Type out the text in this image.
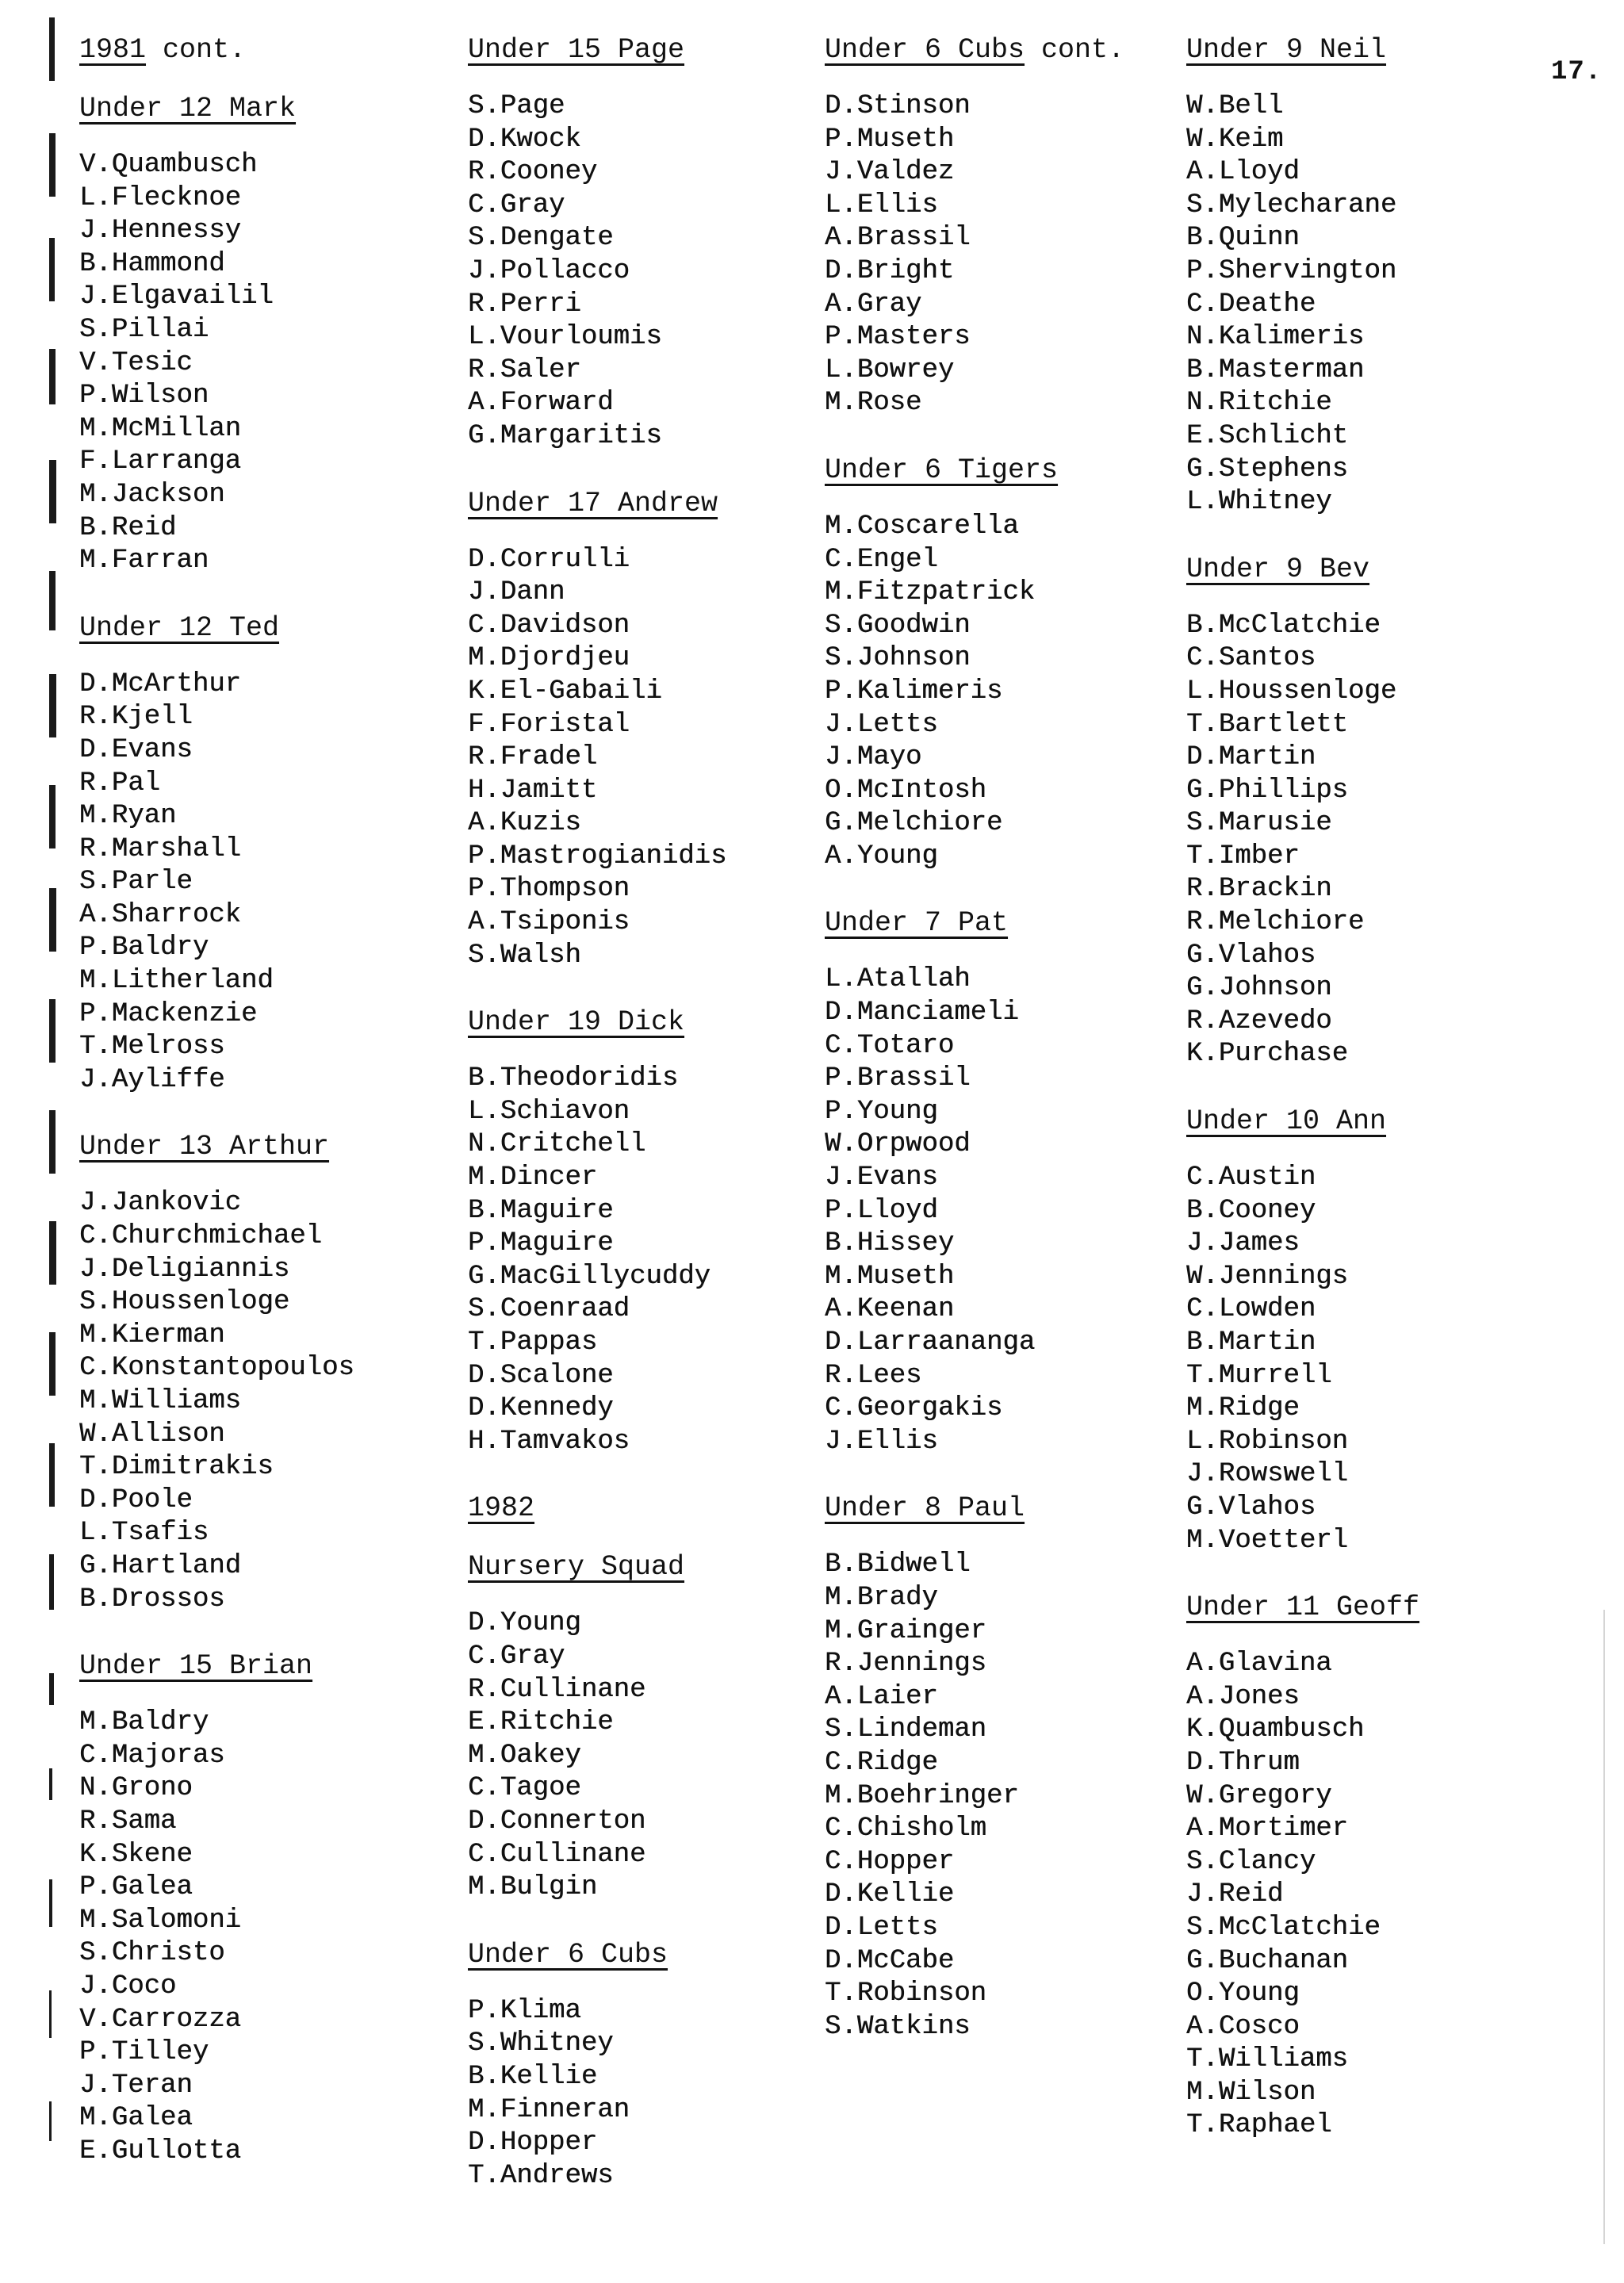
17.
1981 cont.
Under 12 Mark
V.Quambusch
L.Flecknoe
J.Hennessy
B.Hammond
J.Elgavailil
S.Pillai
V.Tesic
P.Wilson
M.McMillan
F.Larranga
M.Jackson
B.Reid
M.Farran
Under 12 Ted
D.McArthur
R.Kjell
D.Evans
R.Pal
M.Ryan
R.Marshall
S.Parle
A.Sharrock
P.Baldry
M.Litherland
P.Mackenzie
T.Melross
J.Ayliffe
Under 13 Arthur
J.Jankovic
C.Churchmichael
J.Deligiannis
S.Houssenloge
M.Kierman
C.Konstantopoulos
M.Williams
W.Allison
T.Dimitrakis
D.Poole
L.Tsafis
G.Hartland
B.Drossos
Under 15 Brian
M.Baldry
C.Majoras
N.Grono
R.Sama
K.Skene
P.Galea
M.Salomoni
S.Christo
J.Coco
V.Carrozza
P.Tilley
J.Teran
M.Galea
E.Gullotta
Under 15 Page
S.Page
D.Kwock
R.Cooney
C.Gray
S.Dengate
J.Pollacco
R.Perri
L.Vourloumis
R.Saler
A.Forward
G.Margaritis
Under 17 Andrew
D.Corrulli
J.Dann
C.Davidson
M.Djordjeu
K.El-Gabaili
F.Foristal
R.Fradel
H.Jamitt
A.Kuzis
P.Mastrogianidis
P.Thompson
A.Tsiponis
S.Walsh
Under 19 Dick
B.Theodoridis
L.Schiavon
N.Critchell
M.Dincer
B.Maguire
P.Maguire
G.MacGillycuddy
S.Coenraad
T.Pappas
D.Scalone
D.Kennedy
H.Tamvakos
1982
Nursery Squad
D.Young
C.Gray
R.Cullinane
E.Ritchie
M.Oakey
C.Tagoe
D.Connerton
C.Cullinane
M.Bulgin
Under 6 Cubs
P.Klima
S.Whitney
B.Kellie
M.Finneran
D.Hopper
T.Andrews
Under 6 Cubs cont.
D.Stinson
P.Museth
J.Valdez
L.Ellis
A.Brassil
D.Bright
A.Gray
P.Masters
L.Bowrey
M.Rose
Under 6 Tigers
M.Coscarella
C.Engel
M.Fitzpatrick
S.Goodwin
S.Johnson
P.Kalimeris
J.Letts
J.Mayo
O.McIntosh
G.Melchiore
A.Young
Under 7 Pat
L.Atallah
D.Manciameli
C.Totaro
P.Brassil
P.Young
W.Orpwood
J.Evans
P.Lloyd
B.Hissey
M.Museth
A.Keenan
D.Larraananga
R.Lees
C.Georgakis
J.Ellis
Under 8 Paul
B.Bidwell
M.Brady
M.Grainger
R.Jennings
A.Laier
S.Lindeman
C.Ridge
M.Boehringer
C.Chisholm
C.Hopper
D.Kellie
D.Letts
D.McCabe
T.Robinson
S.Watkins
Under 9 Neil
W.Bell
W.Keim
A.Lloyd
S.Mylecharane
B.Quinn
P.Shervington
C.Deathe
N.Kalimeris
B.Masterman
N.Ritchie
E.Schlicht
G.Stephens
L.Whitney
Under 9 Bev
B.McClatchie
C.Santos
L.Houssenloge
T.Bartlett
D.Martin
G.Phillips
S.Marusie
T.Imber
R.Brackin
R.Melchiore
G.Vlahos
G.Johnson
R.Azevedo
K.Purchase
Under 10 Ann
C.Austin
B.Cooney
J.James
W.Jennings
C.Lowden
B.Martin
T.Murrell
M.Ridge
L.Robinson
J.Rowswell
G.Vlahos
M.Voetterl
Under 11 Geoff
A.Glavina
A.Jones
K.Quambusch
D.Thrum
W.Gregory
A.Mortimer
S.Clancy
J.Reid
S.McClatchie
G.Buchanan
O.Young
A.Cosco
T.Williams
M.Wilson
T.Raphael
